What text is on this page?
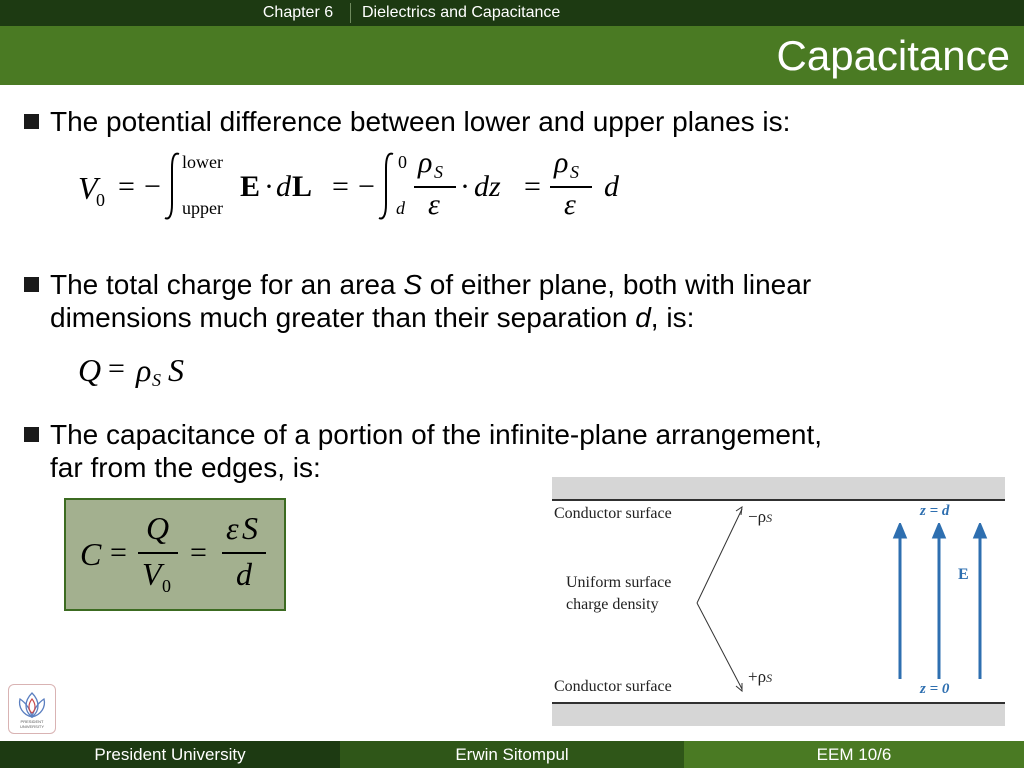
Chapter 6	Dielectrics and Capacitance
Capacitance
The potential difference between lower and upper planes is:
V
0 = −
lower
upper
E · d L = −
0
d
ρ S
ε
· dz =
ρ S
ε
d
The total charge for an area S of either plane, both with linear
dimensions much greater than their separation d, is:
Q = ρ S S
The capacitance of a portion of the infinite-plane arrangement,
far from the edges, is:
C =
Q
V 0
=
ε S
d
Conductor surface
Conductor surface
Uniform surface
charge density
−ρS
+ρS
z = d
z = 0
E
PRESIDENT UNIVERSITY
President University	Erwin Sitompul	EEM 10/6
